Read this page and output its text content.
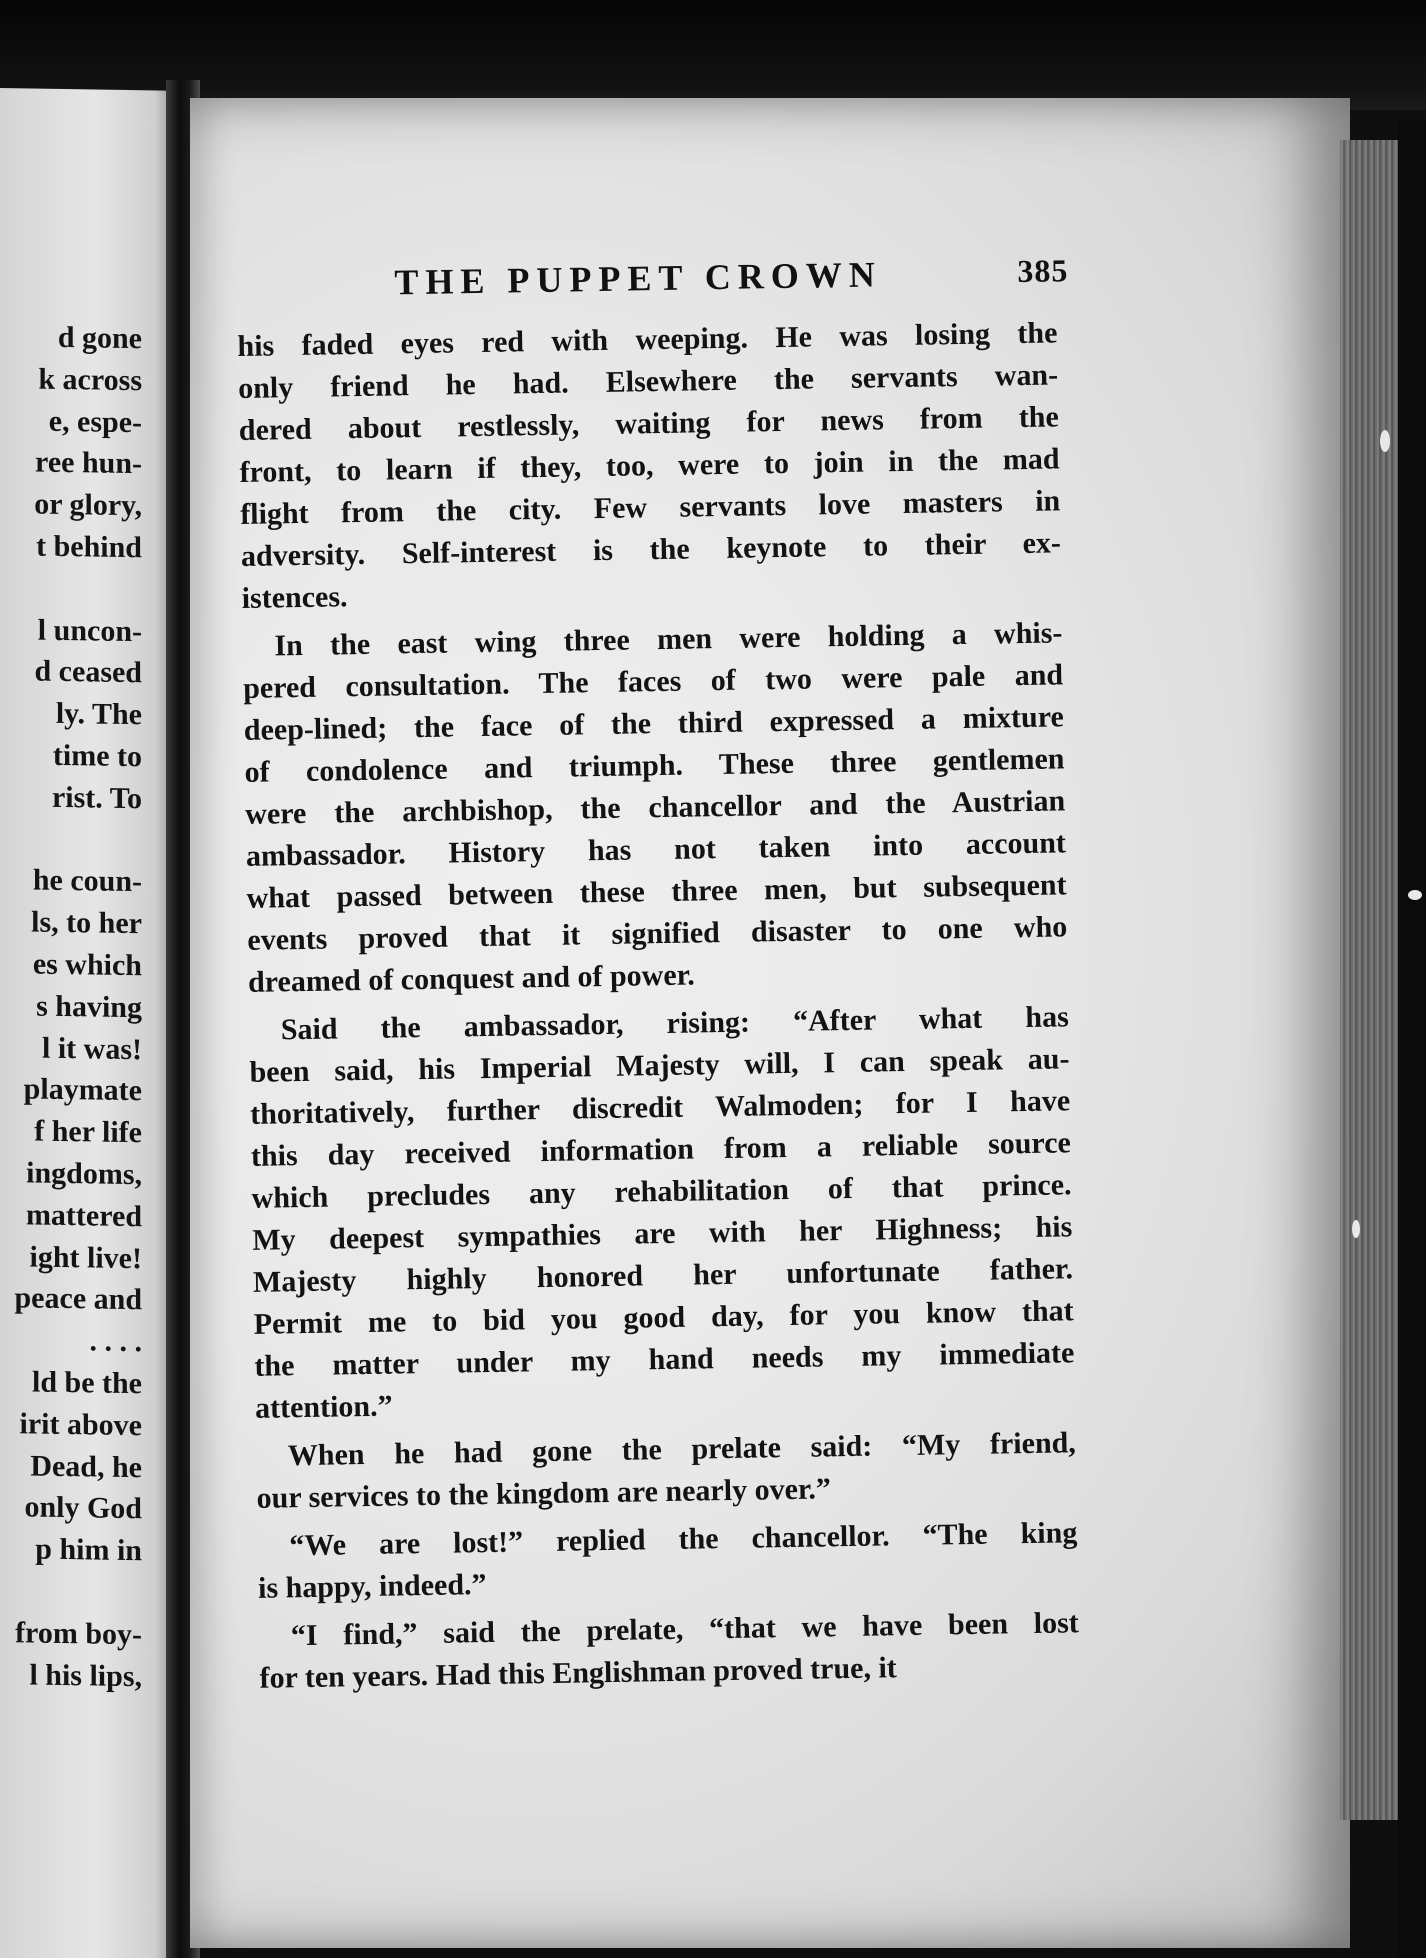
d gone
k across
e, espe-
ree hun-
or glory,
t behind
l uncon-
d ceased
ly. The
time to
rist. To
he coun-
ls, to her
es which
s having
l it was!
playmate
f her life
ingdoms,
mattered
ight live!
peace and
. . . .
ld be the
irit above
Dead, he
only God
p him in
from boy-
l his lips,
THE PUPPET CROWN	385
his faded eyes red with weeping. He was losing the
only friend he had. Elsewhere the servants wan-
dered about restlessly, waiting for news from the
front, to learn if they, too, were to join in the mad
flight from the city. Few servants love masters in
adversity. Self-interest is the keynote to their ex-
istences.
In the east wing three men were holding a whis-
pered consultation. The faces of two were pale and
deep-lined; the face of the third expressed a mixture
of condolence and triumph. These three gentlemen
were the archbishop, the chancellor and the Austrian
ambassador. History has not taken into account
what passed between these three men, but subsequent
events proved that it signified disaster to one who
dreamed of conquest and of power.
Said the ambassador, rising: “After what has
been said, his Imperial Majesty will, I can speak au-
thoritatively, further discredit Walmoden; for I have
this day received information from a reliable source
which precludes any rehabilitation of that prince.
My deepest sympathies are with her Highness; his
Majesty highly honored her unfortunate father.
Permit me to bid you good day, for you know that
the matter under my hand needs my immediate
attention.”
When he had gone the prelate said: “My friend,
our services to the kingdom are nearly over.”
“We are lost!” replied the chancellor. “The king
is happy, indeed.”
“I find,” said the prelate, “that we have been lost
for ten years. Had this Englishman proved true, it
